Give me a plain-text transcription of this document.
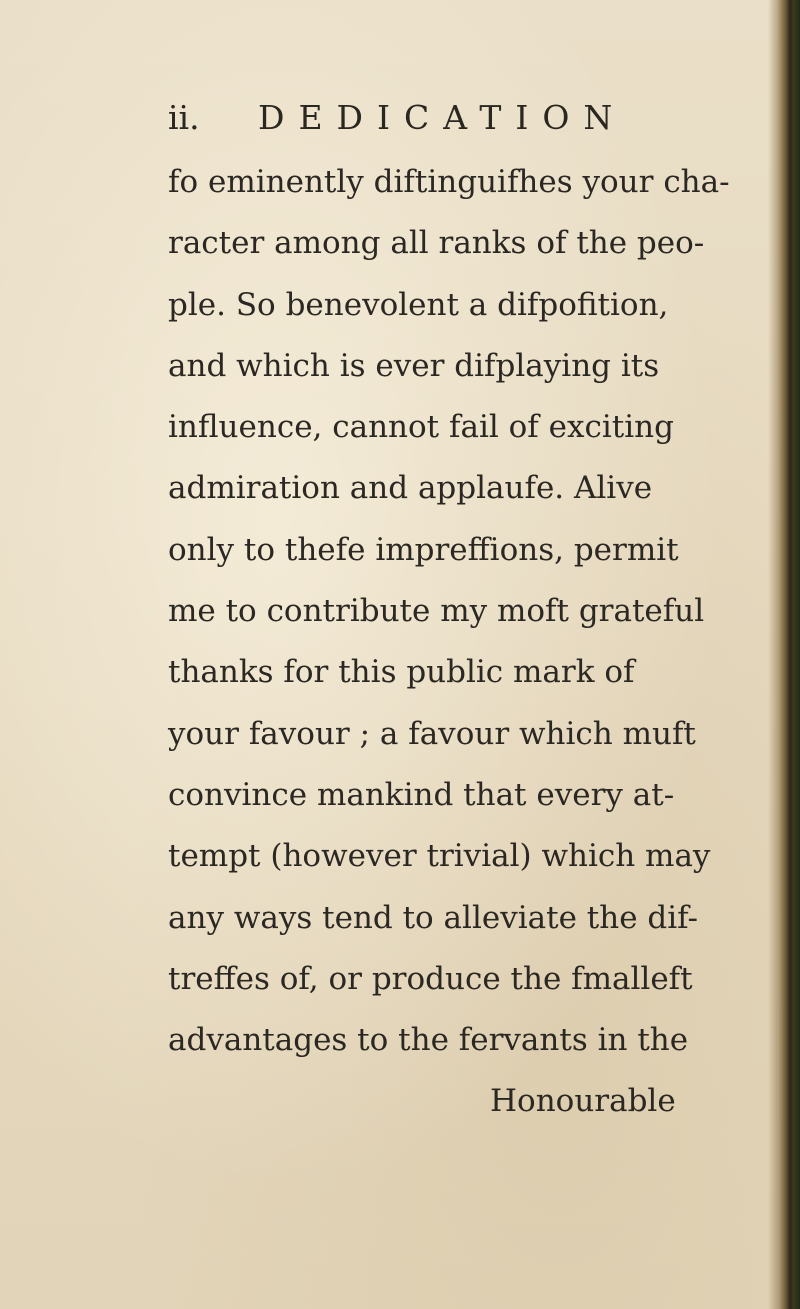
ii. DEDICATION
fo eminently diftinguifhes your cha-
racter among all ranks of the peo-
ple. So benevolent a difpofition,
and which is ever difplaying its
influence, cannot fail of exciting
admiration and applaufe. Alive
only to thefe impreffions, permit
me to contribute my moft grateful
thanks for this public mark of
your favour ; a favour which muft
convince mankind that every at-
tempt (however trivial) which may
any ways tend to alleviate the dif-
treffes of, or produce the fmalleft
advantages to the fervants in the
Honourable
